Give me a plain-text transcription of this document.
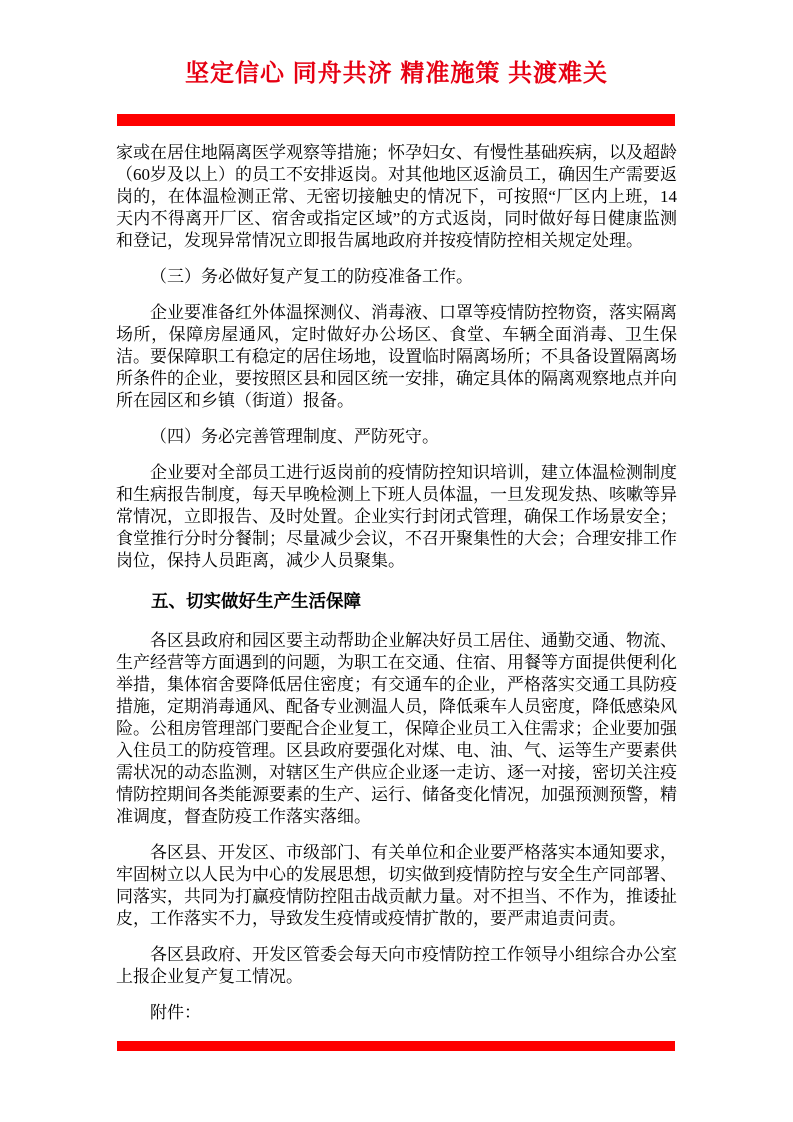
坚定信心 同舟共济 精准施策 共渡难关

家或在居住地隔离医学观察等措施；怀孕妇女、有慢性基础疾病，以及超龄（60岁及以上）的员工不安排返岗。对其他地区返渝员工，确因生产需要返岗的，在体温检测正常、无密切接触史的情况下，可按照“厂区内上班，14天内不得离开厂区、宿舍或指定区域”的方式返岗，同时做好每日健康监测和登记，发现异常情况立即报告属地政府并按疫情防控相关规定处理。

（三）务必做好复产复工的防疫准备工作。

企业要准备红外体温探测仪、消毒液、口罩等疫情防控物资，落实隔离场所，保障房屋通风，定时做好办公场区、食堂、车辆全面消毒、卫生保洁。要保障职工有稳定的居住场地，设置临时隔离场所；不具备设置隔离场所条件的企业，要按照区县和园区统一安排，确定具体的隔离观察地点并向所在园区和乡镇（街道）报备。

（四）务必完善管理制度、严防死守。

企业要对全部员工进行返岗前的疫情防控知识培训，建立体温检测制度和生病报告制度，每天早晚检测上下班人员体温，一旦发现发热、咳嗽等异常情况，立即报告、及时处置。企业实行封闭式管理，确保工作场景安全；食堂推行分时分餐制；尽量减少会议，不召开聚集性的大会；合理安排工作岗位，保持人员距离，减少人员聚集。

五、切实做好生产生活保障

各区县政府和园区要主动帮助企业解决好员工居住、通勤交通、物流、生产经营等方面遇到的问题，为职工在交通、住宿、用餐等方面提供便利化举措，集体宿舍要降低居住密度；有交通车的企业，严格落实交通工具防疫措施，定期消毒通风、配备专业测温人员，降低乘车人员密度，降低感染风险。公租房管理部门要配合企业复工，保障企业员工入住需求；企业要加强入住员工的防疫管理。区县政府要强化对煤、电、油、气、运等生产要素供需状况的动态监测，对辖区生产供应企业逐一走访、逐一对接，密切关注疫情防控期间各类能源要素的生产、运行、储备变化情况，加强预测预警，精准调度，督查防疫工作落实落细。

各区县、开发区、市级部门、有关单位和企业要严格落实本通知要求，牢固树立以人民为中心的发展思想，切实做到疫情防控与安全生产同部署、同落实，共同为打赢疫情防控阻击战贡献力量。对不担当、不作为，推诿扯皮，工作落实不力，导致发生疫情或疫情扩散的，要严肃追责问责。

各区县政府、开发区管委会每天向市疫情防控工作领导小组综合办公室上报企业复产复工情况。

附件：
